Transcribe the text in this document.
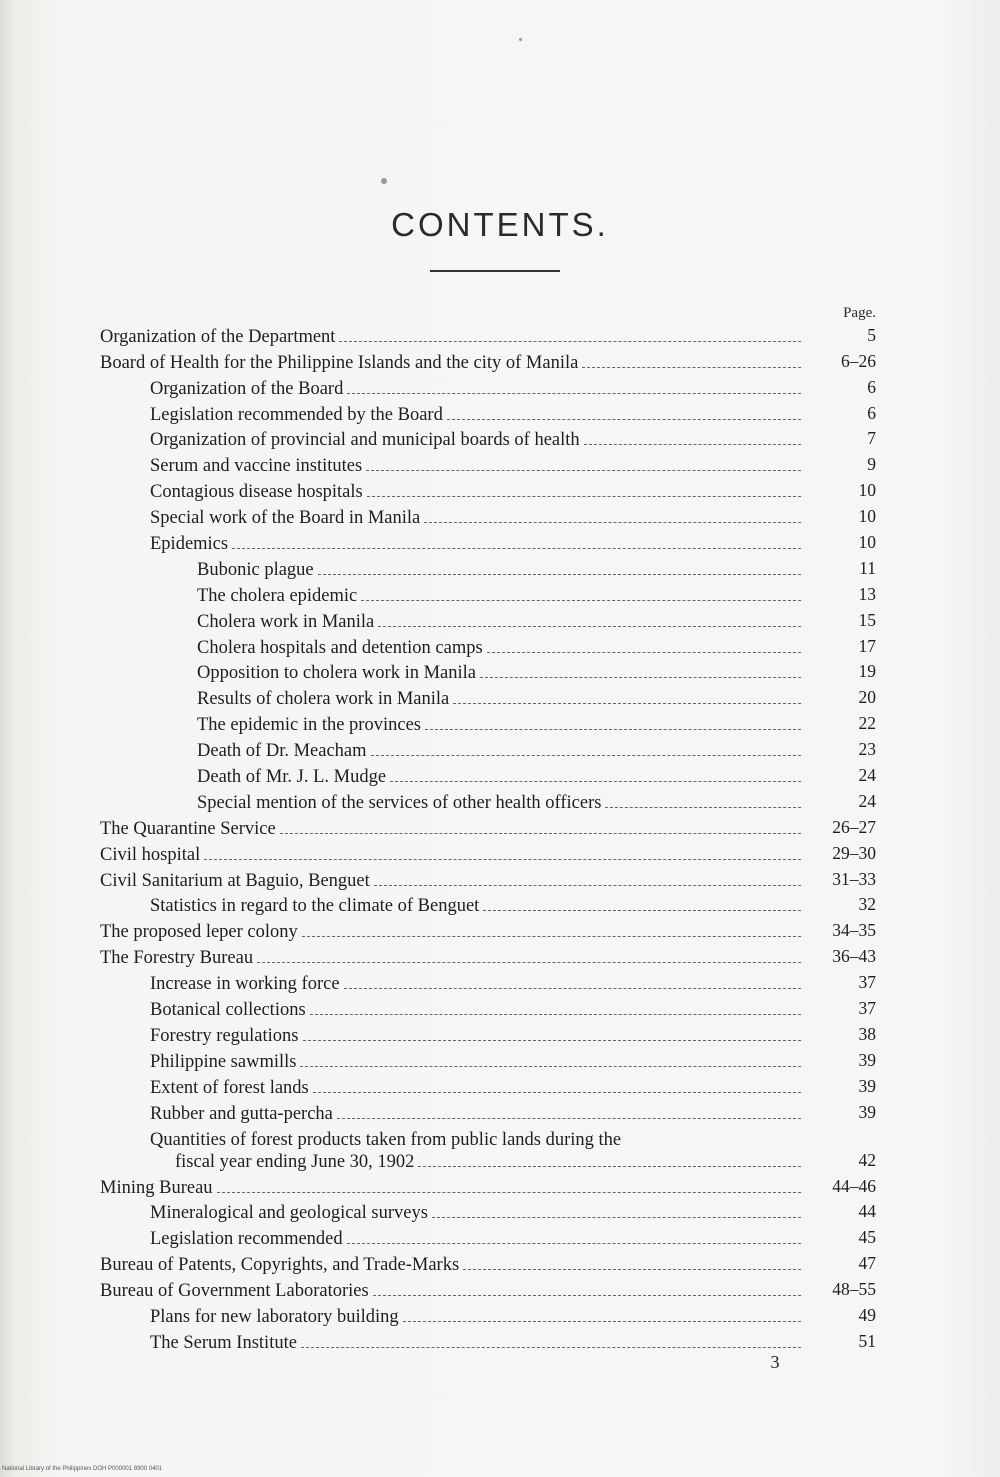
CONTENTS.
Page.
Organization of the Department	5
Board of Health for the Philippine Islands and the city of Manila	6–26
Organization of the Board	6
Legislation recommended by the Board	6
Organization of provincial and municipal boards of health	7
Serum and vaccine institutes	9
Contagious disease hospitals	10
Special work of the Board in Manila	10
Epidemics	10
Bubonic plague	11
The cholera epidemic	13
Cholera work in Manila	15
Cholera hospitals and detention camps	17
Opposition to cholera work in Manila	19
Results of cholera work in Manila	20
The epidemic in the provinces	22
Death of Dr. Meacham	23
Death of Mr. J. L. Mudge	24
Special mention of the services of other health officers	24
The Quarantine Service	26–27
Civil hospital	29–30
Civil Sanitarium at Baguio, Benguet	31–33
Statistics in regard to the climate of Benguet	32
The proposed leper colony	34–35
The Forestry Bureau	36–43
Increase in working force	37
Botanical collections	37
Forestry regulations	38
Philippine sawmills	39
Extent of forest lands	39
Rubber and gutta-percha	39
Quantities of forest products taken from public lands during the
fiscal year ending June 30, 1902	42
Mining Bureau	44–46
Mineralogical and geological surveys	44
Legislation recommended	45
Bureau of Patents, Copyrights, and Trade-Marks	47
Bureau of Government Laboratories	48–55
Plans for new laboratory building	49
The Serum Institute	51
3
National Library of the Philippines DOH P000001 8900 0401
